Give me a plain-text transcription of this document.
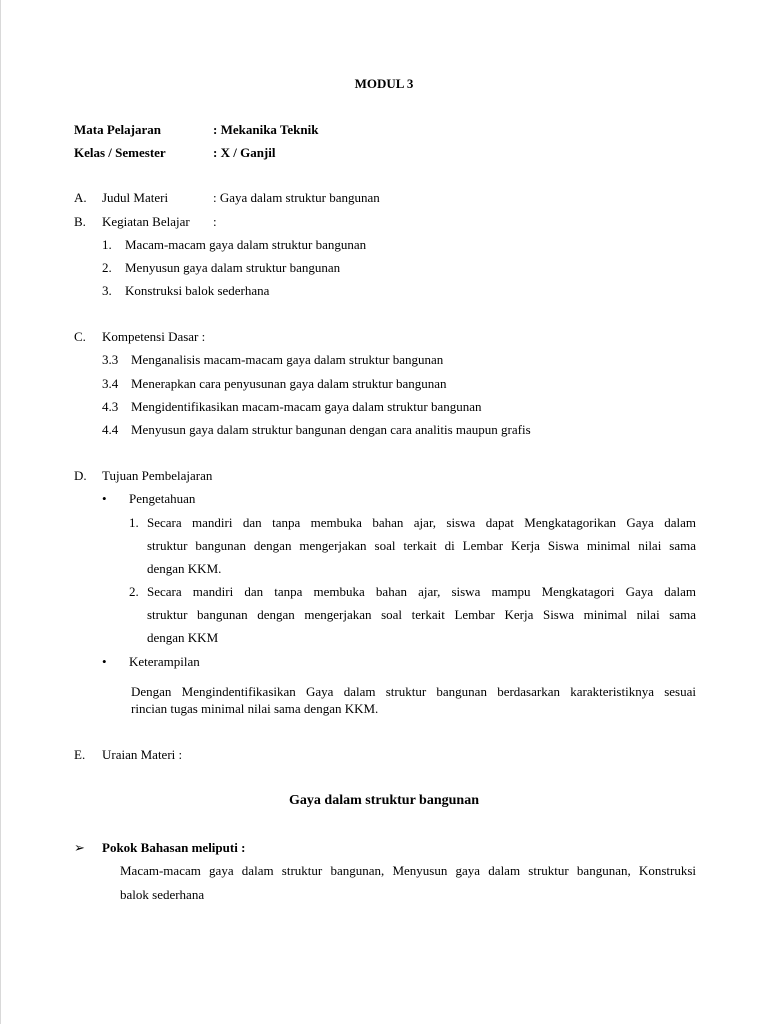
MODUL 3
Mata Pelajaran	: Mekanika Teknik
Kelas / Semester	: X / Ganjil
A. Judul Materi	: Gaya dalam struktur bangunan
B. Kegiatan Belajar :
1. Macam-macam gaya dalam struktur bangunan
2. Menyusun gaya dalam struktur bangunan
3. Konstruksi balok sederhana
C. Kompetensi Dasar :
3.3 Menganalisis macam-macam gaya dalam struktur bangunan
3.4 Menerapkan cara penyusunan gaya dalam struktur bangunan
4.3 Mengidentifikasikan macam-macam gaya dalam struktur bangunan
4.4 Menyusun gaya dalam struktur bangunan dengan cara analitis maupun grafis
D. Tujuan Pembelajaran
• Pengetahuan
1. Secara mandiri dan tanpa membuka bahan ajar, siswa dapat Mengkatagorikan Gaya dalam
struktur bangunan dengan mengerjakan soal terkait di Lembar Kerja Siswa minimal nilai sama
dengan KKM.
2. Secara mandiri dan tanpa membuka bahan ajar, siswa mampu Mengkatagori Gaya dalam
struktur bangunan dengan mengerjakan soal terkait Lembar Kerja Siswa minimal nilai sama
dengan KKM
• Keterampilan
Dengan Mengindentifikasikan Gaya dalam struktur bangunan berdasarkan karakteristiknya sesuai
rincian tugas minimal nilai sama dengan KKM.
E. Uraian Materi :
Gaya dalam struktur bangunan
➢ Pokok Bahasan meliputi :
Macam-macam gaya dalam struktur bangunan, Menyusun gaya dalam struktur bangunan, Konstruksi
balok sederhana
